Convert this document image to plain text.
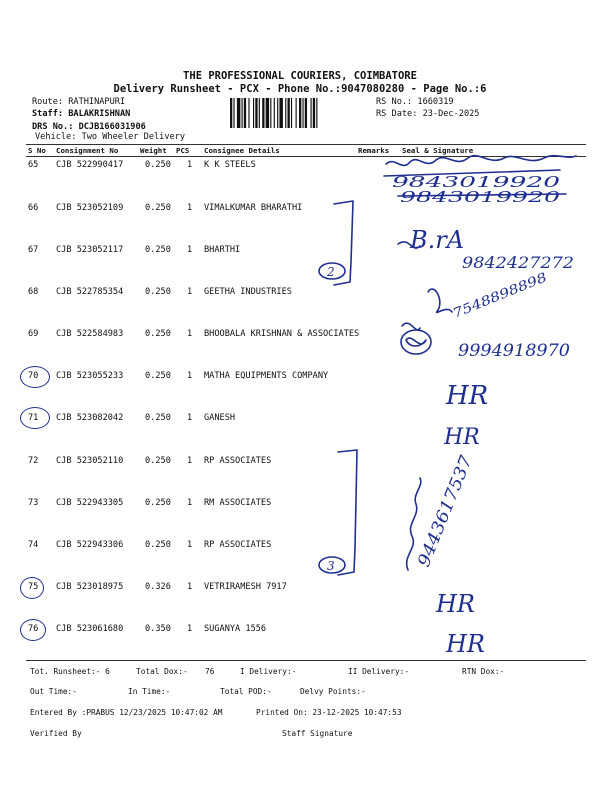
THE PROFESSIONAL COURIERS, COIMBATORE
Delivery Runsheet - PCX - Phone No.:9047080280 - Page No.:6
Route: RATHINAPURI
Staff: BALAKRISHNAN
DRS No.: DCJB166031906
Vehicle: Two Wheeler Delivery
RS No.: 1660319
RS Date: 23-Dec-2025
S No Consignment No	Weight PCS Consignee Details	Remarks Seal & Signature
65 CJB 522990417	0.250 1 K K STEELS
66 CJB 523052109	0.250 1 VIMALKUMAR BHARATHI
67 CJB 523052117	0.250 1 BHARTHI
68 CJB 522785354	0.250 1 GEETHA INDUSTRIES
69 CJB 522584983	0.250 1 BHOOBALA KRISHNAN & ASSOCIATES
70 CJB 523055233	0.250 1 MATHA EQUIPMENTS COMPANY
71 CJB 523082042	0.250 1 GANESH
72 CJB 523052110	0.250 1 RP ASSOCIATES
73 CJB 522943305	0.250 1 RM ASSOCIATES
74 CJB 522943306	0.250 1 RP ASSOCIATES
75 CJB 523018975	0.326 1 VETRIRAMESH 7917
76 CJB 523061680	0.350 1 SUGANYA 1556
2
3
9843019920
9843019920
B.rA
9842427272
7548898898
9994918970
HR
HR
9443617537
HR
HR
Tot. Runsheet:- 6	Total Dox:- 76	I Delivery:-	II Delivery:-	RTN Dox:-
Out Time:-	In Time:-	Total POD:-	Delvy Points:-
Entered By :PRABUS 12/23/2025 10:47:02 AM	Printed On: 23-12-2025 10:47:53
Verified By	Staff Signature
